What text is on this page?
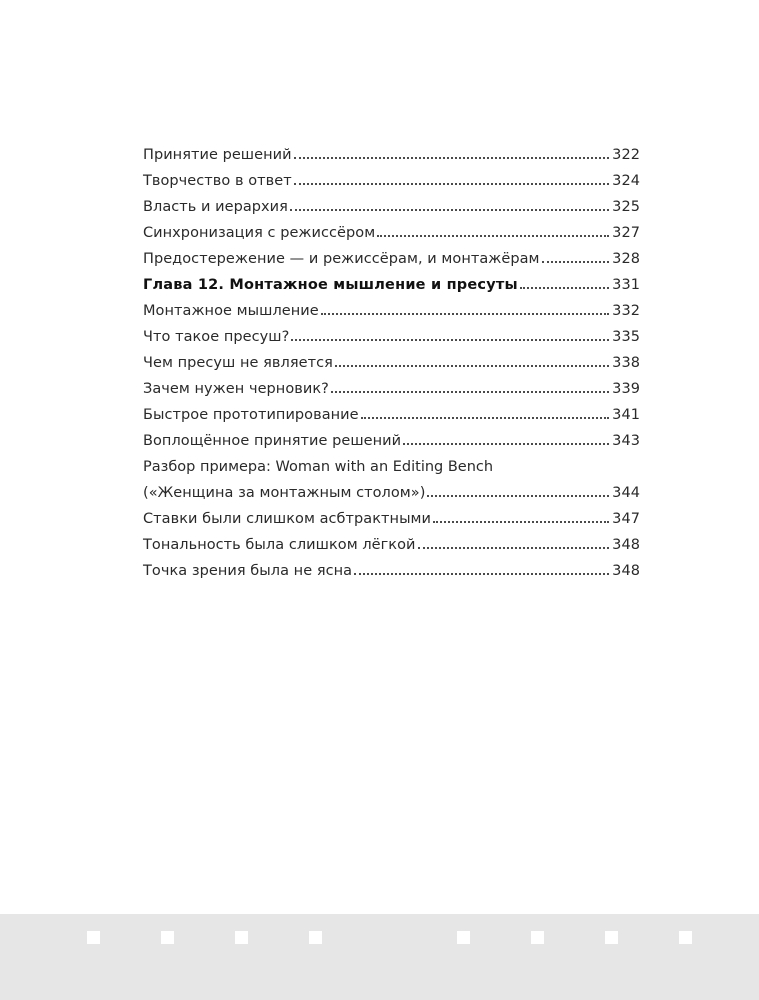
Принятие решений	322
Творчество в ответ	324
Власть и иерархия	325
Синхронизация с режиссёром	327
Предостережение — и режиссёрам, и монтажёрам	328
Глава 12. Монтажное мышление и пресуты	331
Монтажное мышление	332
Что такое пресуш?	335
Чем пресуш не является	338
Зачем нужен черновик?	339
Быстрое прототипирование	341
Воплощённое принятие решений	343
Разбор примера: Woman with an Editing Bench
(«Женщина за монтажным столом»)	344
Ставки были слишком асбтрактными	347
Тональность была слишком лёгкой	348
Точка зрения была не ясна	348
